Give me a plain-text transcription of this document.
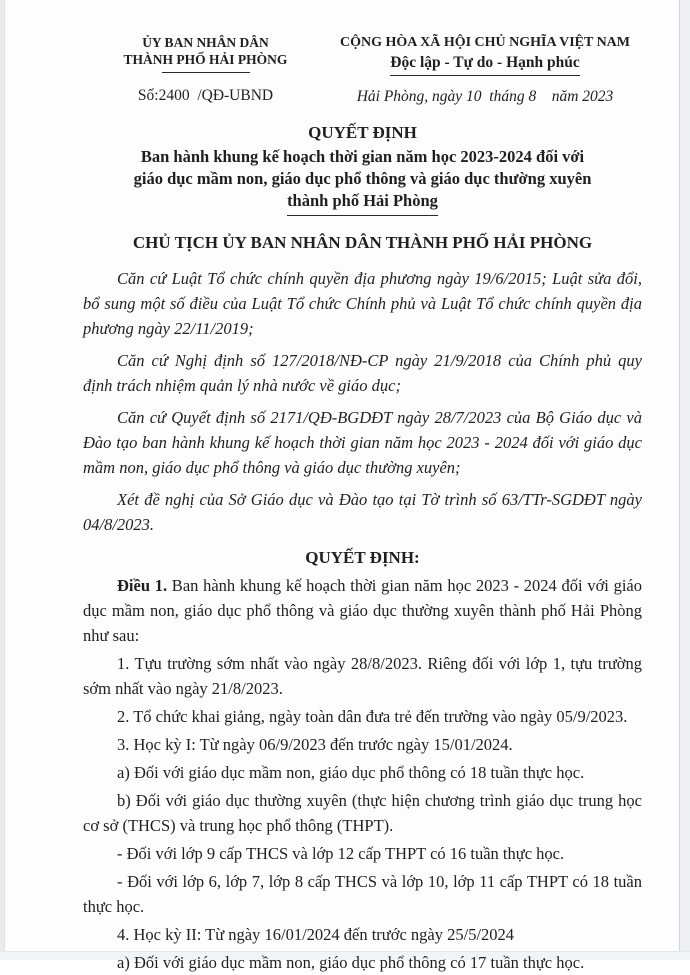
ỦY BAN NHÂN DÂN
THÀNH PHỐ HẢI PHÒNG
Số:2400  /QĐ-UBND
CỘNG HÒA XÃ HỘI CHỦ NGHĨA VIỆT NAM
Độc lập - Tự do - Hạnh phúc
Hải Phòng, ngày 10  tháng 8    năm 2023
QUYẾT ĐỊNH
Ban hành khung kế hoạch thời gian năm học 2023-2024 đối với
giáo dục mầm non, giáo dục phổ thông và giáo dục thường xuyên
thành phố Hải Phòng
CHỦ TỊCH ỦY BAN NHÂN DÂN THÀNH PHỐ HẢI PHÒNG

Căn cứ Luật Tổ chức chính quyền địa phương ngày 19/6/2015; Luật sửa đổi, bổ sung một số điều của Luật Tổ chức Chính phủ và Luật Tổ chức chính quyền địa phương ngày 22/11/2019;

Căn cứ Nghị định số 127/2018/NĐ-CP ngày 21/9/2018 của Chính phủ quy định trách nhiệm quản lý nhà nước về giáo dục;

Căn cứ Quyết định số 2171/QĐ-BGDĐT ngày 28/7/2023 của Bộ Giáo dục và Đào tạo ban hành khung kế hoạch thời gian năm học 2023 - 2024 đối với giáo dục mầm non, giáo dục phổ thông và giáo dục thường xuyên;

Xét đề nghị của Sở Giáo dục và Đào tạo tại Tờ trình số 63/TTr-SGDĐT ngày 04/8/2023.

QUYẾT ĐỊNH:

Điều 1. Ban hành khung kế hoạch thời gian năm học 2023 - 2024 đối với giáo dục mầm non, giáo dục phổ thông và giáo dục thường xuyên thành phố Hải Phòng như sau:

1. Tựu trường sớm nhất vào ngày 28/8/2023. Riêng đối với lớp 1, tựu trường sớm nhất vào ngày 21/8/2023.

2. Tổ chức khai giảng, ngày toàn dân đưa trẻ đến trường vào ngày 05/9/2023.

3. Học kỳ I: Từ ngày 06/9/2023 đến trước ngày 15/01/2024.

a) Đối với giáo dục mầm non, giáo dục phổ thông có 18 tuần thực học.

b) Đối với giáo dục thường xuyên (thực hiện chương trình giáo dục trung học cơ sở (THCS) và trung học phổ thông (THPT).

- Đối với lớp 9 cấp THCS và lớp 12 cấp THPT có 16 tuần thực học.

- Đối với lớp 6, lớp 7, lớp 8 cấp THCS và lớp 10, lớp 11 cấp THPT có 18 tuần thực học.

4. Học kỳ II: Từ ngày 16/01/2024 đến trước ngày 25/5/2024

a) Đối với giáo dục mầm non, giáo dục phổ thông có 17 tuần thực học.
